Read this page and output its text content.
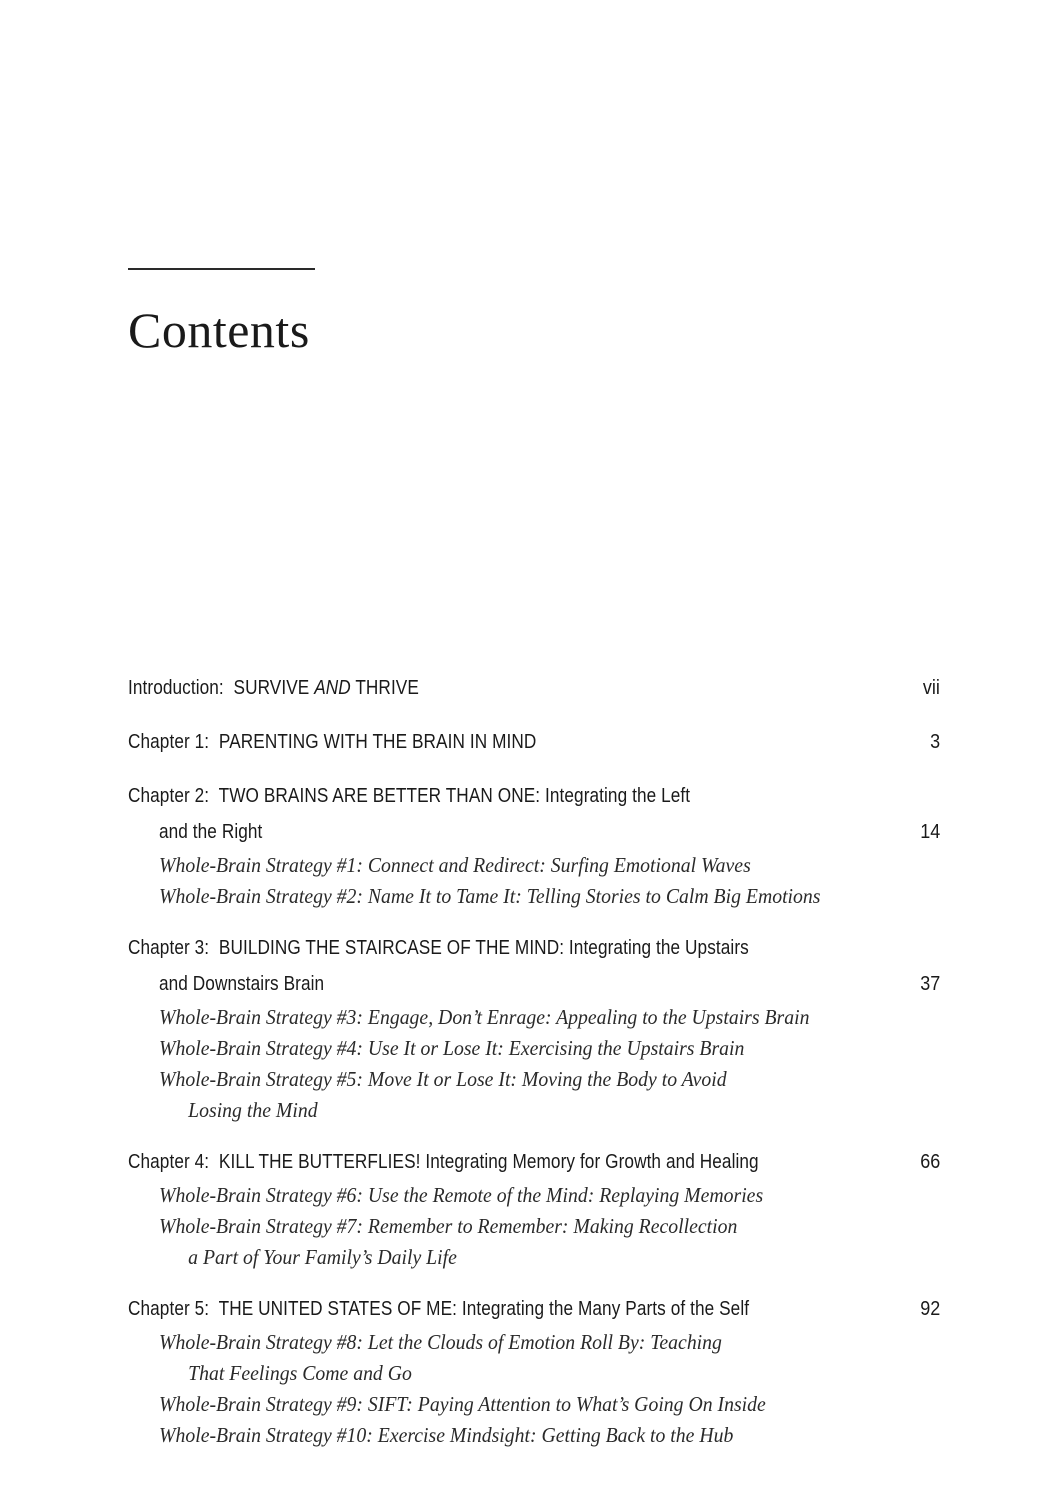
Contents
Introduction: SURVIVE AND THRIVE	vii
Chapter 1: PARENTING WITH THE BRAIN IN MIND	3
Chapter 2: TWO BRAINS ARE BETTER THAN ONE: Integrating the Left
and the Right	14
Whole-Brain Strategy #1: Connect and Redirect: Surfing Emotional Waves
Whole-Brain Strategy #2: Name It to Tame It: Telling Stories to Calm Big Emotions
Chapter 3: BUILDING THE STAIRCASE OF THE MIND: Integrating the Upstairs
and Downstairs Brain	37
Whole-Brain Strategy #3: Engage, Don’t Enrage: Appealing to the Upstairs Brain
Whole-Brain Strategy #4: Use It or Lose It: Exercising the Upstairs Brain
Whole-Brain Strategy #5: Move It or Lose It: Moving the Body to Avoid
Losing the Mind
Chapter 4: KILL THE BUTTERFLIES! Integrating Memory for Growth and Healing	66
Whole-Brain Strategy #6: Use the Remote of the Mind: Replaying Memories
Whole-Brain Strategy #7: Remember to Remember: Making Recollection
a Part of Your Family’s Daily Life
Chapter 5: THE UNITED STATES OF ME: Integrating the Many Parts of the Self	92
Whole-Brain Strategy #8: Let the Clouds of Emotion Roll By: Teaching
That Feelings Come and Go
Whole-Brain Strategy #9: SIFT: Paying Attention to What’s Going On Inside
Whole-Brain Strategy #10: Exercise Mindsight: Getting Back to the Hub
